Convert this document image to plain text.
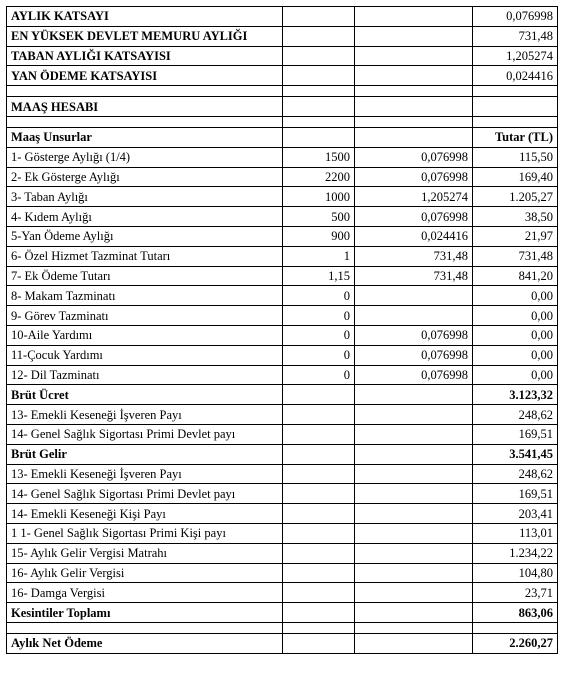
AYLIK KATSAYI			0,076998
EN YÜKSEK DEVLET MEMURU AYLIĞI			731,48
TABAN AYLIĞI KATSAYISI			1,205274
YAN ÖDEME KATSAYISI			0,024416

MAAŞ HESABI			

Maaş Unsurlar			Tutar (TL)
1- Gösterge Aylığı (1/4)	1500	0,076998	115,50
2- Ek Gösterge Aylığı	2200	0,076998	169,40
3- Taban Aylığı	1000	1,205274	1.205,27
4- Kıdem Aylığı	500	0,076998	38,50
5-Yan Ödeme Aylığı	900	0,024416	21,97
6- Özel Hizmet Tazminat Tutarı	1	731,48	731,48
7- Ek Ödeme Tutarı	1,15	731,48	841,20
8- Makam Tazminatı	0		0,00
9- Görev Tazminatı	0		0,00
10-Aile Yardımı	0	0,076998	0,00
11-Çocuk Yardımı	0	0,076998	0,00
12- Dil Tazminatı	0	0,076998	0,00
Brüt Ücret			3.123,32
13- Emekli Keseneği İşveren Payı			248,62
14- Genel Sağlık Sigortası Primi Devlet payı			169,51
Brüt Gelir			3.541,45
13- Emekli Keseneği İşveren Payı			248,62
14- Genel Sağlık Sigortası Primi Devlet payı			169,51
14- Emekli Keseneği Kişi Payı			203,41
1 1- Genel Sağlık Sigortası Primi Kişi payı			113,01
15- Aylık Gelir Vergisi Matrahı			1.234,22
16- Aylık Gelir Vergisi			104,80
16- Damga Vergisi			23,71
Kesintiler Toplamı			863,06

Aylık Net Ödeme			2.260,27
